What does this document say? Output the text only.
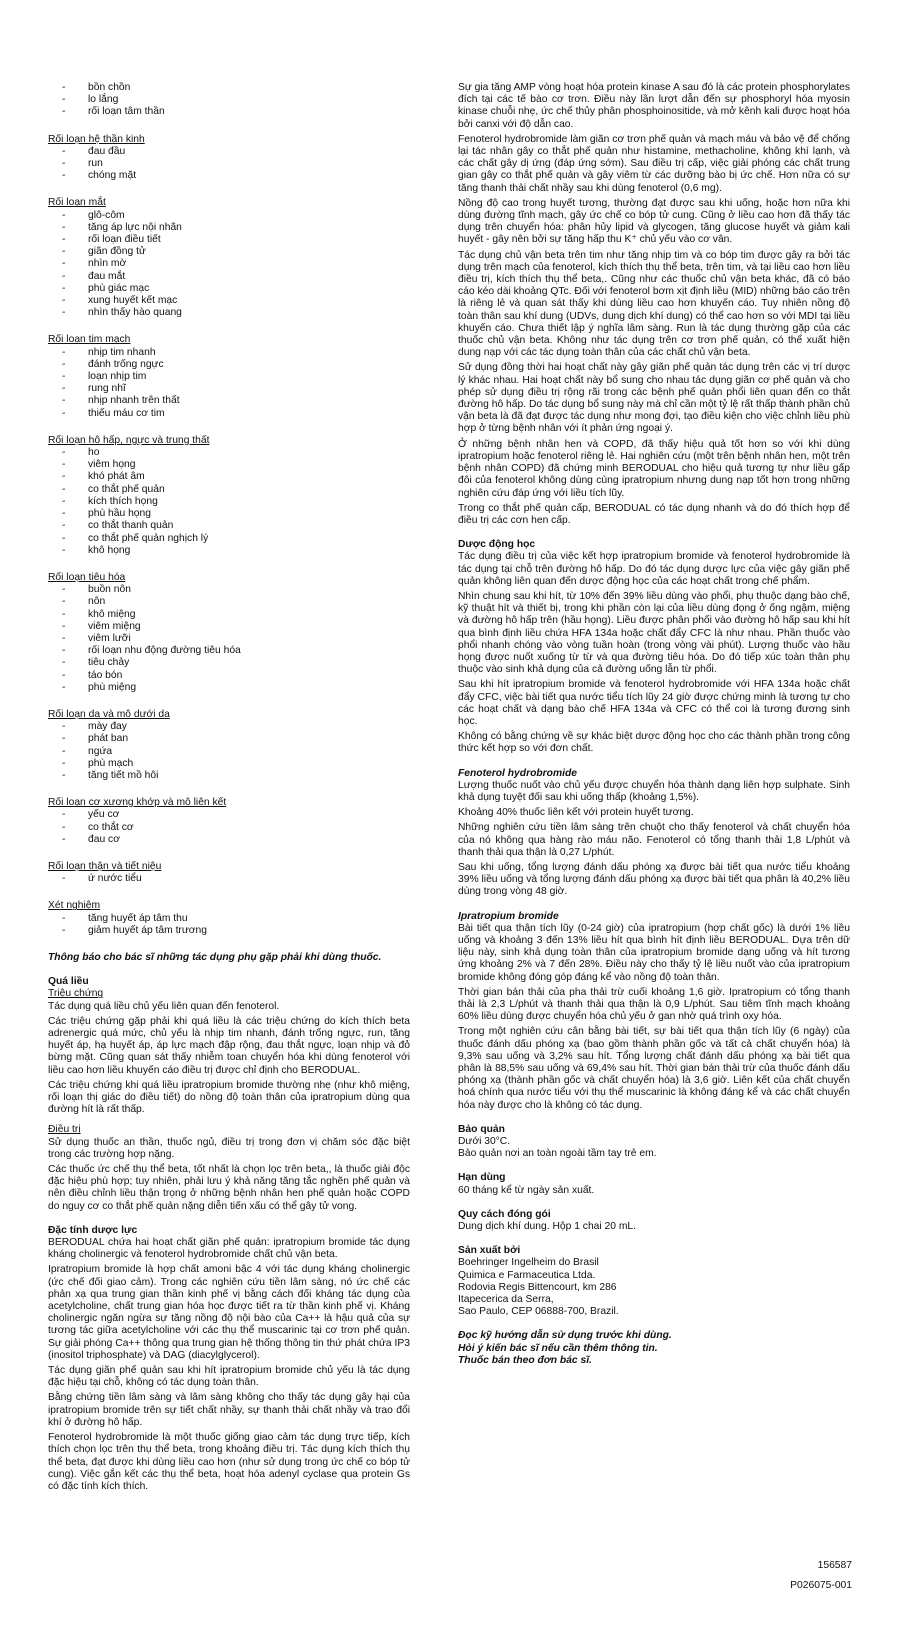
- bồn chồn
- lo lắng
- rối loạn tâm thần
Rối loạn hệ thần kinh
- đau đầu
- run
- chóng mặt
Rối loạn mắt
- glô-côm
- tăng áp lực nội nhãn
- rối loạn điều tiết
- giãn đồng tử
- nhìn mờ
- đau mắt
- phù giác mạc
- xung huyết kết mạc
- nhìn thấy hào quang
Rối loạn tim mạch
- nhịp tim nhanh
- đánh trống ngực
- loạn nhịp tim
- rung nhĩ
- nhịp nhanh trên thất
- thiếu máu cơ tim
Rối loạn hô hấp, ngực và trung thất
- ho
- viêm họng
- khó phát âm
- co thắt phế quản
- kích thích họng
- phù hầu họng
- co thắt thanh quản
- co thắt phế quản nghịch lý
- khô họng
Rối loạn tiêu hóa
- buồn nôn
- nôn
- khô miệng
- viêm miệng
- viêm lưỡi
- rối loạn nhu động đường tiêu hóa
- tiêu chảy
- táo bón
- phù miệng
Rối loạn da và mô dưới da
- mày đay
- phát ban
- ngứa
- phù mạch
- tăng tiết mồ hôi
Rối loạn cơ xương khớp và mô liên kết
- yếu cơ
- co thắt cơ
- đau cơ
Rối loạn thận và tiết niệu
- ứ nước tiểu
Xét nghiệm
- tăng huyết áp tâm thu
- giảm huyết áp tâm trương
Thông báo cho bác sĩ những tác dụng phụ gặp phải khi dùng thuốc.
Quá liều
Triệu chứng

Tác dụng quá liều chủ yếu liên quan đến fenoterol.

Các triệu chứng gặp phải khi quá liều là các triệu chứng do kích thích beta adrenergic quá mức, chủ yếu là nhịp tim nhanh, đánh trống ngực, run, tăng huyết áp, hạ huyết áp, áp lực mạch đập rộng, đau thắt ngực, loạn nhịp và đỏ bừng mặt. Cũng quan sát thấy nhiễm toan chuyển hóa khi dùng fenoterol với liều cao hơn liều khuyến cáo điều trị được chỉ định cho BERODUAL.

Các triệu chứng khi quá liều ipratropium bromide thường nhẹ (như khô miệng, rối loạn thị giác do điều tiết) do nồng độ toàn thân của ipratropium dùng qua đường hít là rất thấp.

Điều trị

Sử dụng thuốc an thần, thuốc ngủ, điều trị trong đơn vị chăm sóc đặc biệt trong các trường hợp nặng.

Các thuốc ức chế thụ thể beta, tốt nhất là chọn lọc trên beta,, là thuốc giải độc đặc hiệu phù hợp; tuy nhiên, phải lưu ý khả năng tăng tắc nghẽn phế quản và nên điều chỉnh liều thận trọng ở những bệnh nhân hen phế quản hoặc COPD do nguy cơ co thắt phế quản nặng diễn tiến xấu có thể gây tử vong.

Đặc tính dược lực

BERODUAL chứa hai hoạt chất giãn phế quản: ipratropium bromide tác dụng kháng cholinergic và fenoterol hydrobromide chất chủ vận beta.

Ipratropium bromide là hợp chất amoni bậc 4 với tác dụng kháng cholinergic (ức chế đối giao cảm). Trong các nghiên cứu tiền lâm sàng, nó ức chế các phản xạ qua trung gian thần kinh phế vị bằng cách đối kháng tác dụng của acetylcholine, chất trung gian hóa học được tiết ra từ thần kinh phế vị. Kháng cholinergic ngăn ngừa sự tăng nồng độ nội bào của Ca++ là hậu quả của sự tương tác giữa acetylcholine với các thụ thể muscarinic tại cơ trơn phế quản. Sự giải phóng Ca++ thông qua trung gian hệ thống thông tin thứ phát chứa IP3 (inositol triphosphate) và DAG (diacylglycerol).

Tác dụng giãn phế quản sau khi hít ipratropium bromide chủ yếu là tác dụng đặc hiệu tại chỗ, không có tác dụng toàn thân.

Bằng chứng tiền lâm sàng và lâm sàng không cho thấy tác dụng gây hại của ipratropium bromide trên sự tiết chất nhầy, sự thanh thải chất nhầy và trao đổi khí ở đường hô hấp.

Fenoterol hydrobromide là một thuốc giống giao cảm tác dụng trực tiếp, kích thích chọn lọc trên thụ thể beta, trong khoảng điều trị. Tác dụng kích thích thụ thể beta, đạt được khi dùng liều cao hơn (như sử dụng trong ức chế co bóp tử cung). Việc gắn kết các thụ thể beta, hoạt hóa adenyl cyclase qua protein Gs có đặc tính kích thích.

Sự gia tăng AMP vòng hoạt hóa protein kinase A sau đó là các protein phosphorylates đích tại các tế bào cơ trơn. Điều này lần lượt dẫn đến sự phosphoryl hóa myosin kinase chuỗi nhẹ, ức chế thủy phân phosphoinositide, và mở kênh kali được hoạt hóa bởi canxi với độ dẫn cao.

Fenoterol hydrobromide làm giãn cơ trơn phế quản và mạch máu và bảo vệ để chống lại tác nhân gây co thắt phế quản như histamine, methacholine, không khí lạnh, và các chất gây dị ứng (đáp ứng sớm). Sau điều trị cấp, việc giải phóng các chất trung gian gây co thắt phế quản và gây viêm từ các dưỡng bào bị ức chế. Hơn nữa có sự tăng thanh thải chất nhầy sau khi dùng fenoterol (0,6 mg).

Nồng độ cao trong huyết tương, thường đạt được sau khi uống, hoặc hơn nữa khi dùng đường tĩnh mạch, gây ức chế co bóp tử cung. Cũng ở liều cao hơn đã thấy tác dụng trên chuyển hóa: phân hủy lipid và glycogen, tăng glucose huyết và giảm kali huyết - gây nên bởi sự tăng hấp thu K⁺ chủ yếu vào cơ vân.

Tác dụng chủ vận beta trên tim như tăng nhịp tim và co bóp tim được gây ra bởi tác dụng trên mạch của fenoterol, kích thích thụ thể beta, trên tim, và tại liều cao hơn liều điều trị, kích thích thụ thể beta,. Cũng như các thuốc chủ vận beta khác, đã có báo cáo kéo dài khoảng QTc. Đối với fenoterol bơm xịt định liều (MID) những báo cáo trên là riêng lẻ và quan sát thấy khi dùng liều cao hơn khuyến cáo. Tuy nhiên nồng độ toàn thân sau khí dung (UDVs, dung dịch khí dung) có thể cao hơn so với MDI tại liều khuyến cáo. Chưa thiết lập ý nghĩa lâm sàng. Run là tác dụng thường gặp của các thuốc chủ vận beta. Không như tác dụng trên cơ trơn phế quản, có thể xuất hiện dung nạp với các tác dụng toàn thân của các chất chủ vận beta.

Sử dụng đồng thời hai hoạt chất này gây giãn phế quản tác dụng trên các vị trí dược lý khác nhau. Hai hoạt chất này bổ sung cho nhau tác dụng giãn cơ phế quản và cho phép sử dụng điều trị rộng rãi trong các bệnh phế quản phổi liên quan đến co thắt đường hô hấp. Do tác dụng bổ sung này mà chỉ cần một tỷ lệ rất thấp thành phần chủ vận beta là đã đạt được tác dụng như mong đợi, tạo điều kiện cho việc chỉnh liều phù hợp ở từng bệnh nhân với ít phản ứng ngoại ý.

Ở những bệnh nhân hen và COPD, đã thấy hiệu quả tốt hơn so với khi dùng ipratropium hoặc fenoterol riêng lẻ. Hai nghiên cứu (một trên bệnh nhân hen, một trên bệnh nhân COPD) đã chứng minh BERODUAL cho hiệu quả tương tự như liều gấp đôi của fenoterol không dùng cùng ipratropium nhưng dung nạp tốt hơn trong những nghiên cứu đáp ứng với liều tích lũy.

Trong co thắt phế quản cấp, BERODUAL có tác dụng nhanh và do đó thích hợp để điều trị các cơn hen cấp.

Dược động học

Tác dụng điều trị của việc kết hợp ipratropium bromide và fenoterol hydrobromide là tác dụng tại chỗ trên đường hô hấp. Do đó tác dụng dược lực của việc gây giãn phế quản không liên quan đến dược động học của các hoạt chất trong chế phẩm.

Nhìn chung sau khi hít, từ 10% đến 39% liều dùng vào phổi, phụ thuộc dạng bào chế, kỹ thuật hít và thiết bị, trong khi phần còn lại của liều dùng đọng ở ống ngậm, miệng và đường hô hấp trên (hầu họng). Liều được phân phối vào đường hô hấp sau khi hít qua bình định liều chứa HFA 134a hoặc chất đẩy CFC là như nhau. Phần thuốc vào phổi nhanh chóng vào vòng tuần hoàn (trong vòng vài phút). Lượng thuốc vào hầu họng được nuốt xuống từ từ và qua đường tiêu hóa. Do đó tiếp xúc toàn thân phụ thuộc vào sinh khả dụng của cả đường uống lẫn từ phổi.

Sau khi hít ipratropium bromide và fenoterol hydrobromide với HFA 134a hoặc chất đẩy CFC, việc bài tiết qua nước tiểu tích lũy 24 giờ được chứng minh là tương tự cho các hoạt chất và dạng bào chế HFA 134a và CFC có thể coi là tương đương sinh học.

Không có bằng chứng về sự khác biệt dược động học cho các thành phần trong công thức kết hợp so với đơn chất.

Fenoterol hydrobromide

Lượng thuốc nuốt vào chủ yếu được chuyển hóa thành dạng liên hợp sulphate. Sinh khả dụng tuyệt đối sau khi uống thấp (khoảng 1,5%).

Khoảng 40% thuốc liên kết với protein huyết tương.

Những nghiên cứu tiền lâm sàng trên chuột cho thấy fenoterol và chất chuyển hóa của nó không qua hàng rào máu não. Fenoterol có tổng thanh thải 1,8 L/phút và thanh thải qua thận là 0,27 L/phút.

Sau khi uống, tổng lượng đánh dấu phóng xạ được bài tiết qua nước tiểu khoảng 39% liều uống và tổng lượng đánh dấu phóng xạ được bài tiết qua phân là 40,2% liều dùng trong vòng 48 giờ.

Ipratropium bromide

Bài tiết qua thận tích lũy (0-24 giờ) của ipratropium (hợp chất gốc) là dưới 1% liều uống và khoảng 3 đến 13% liều hít qua bình hít định liều BERODUAL. Dựa trên dữ liệu này, sinh khả dụng toàn thân của ipratropium bromide dạng uống và hít tương ứng khoảng 2% và 7 đến 28%. Điều này cho thấy tỷ lệ liều nuốt vào của ipratropium bromide không đóng góp đáng kể vào nồng độ toàn thân.

Thời gian bán thải của pha thải trừ cuối khoảng 1,6 giờ. Ipratropium có tổng thanh thải là 2,3 L/phút và thanh thải qua thận là 0,9 L/phút. Sau tiêm tĩnh mạch khoảng 60% liều dùng được chuyển hóa chủ yếu ở gan nhờ quá trình oxy hóa.

Trong một nghiên cứu cân bằng bài tiết, sự bài tiết qua thận tích lũy (6 ngày) của thuốc đánh dấu phóng xạ (bao gồm thành phần gốc và tất cả chất chuyển hóa) là 9,3% sau uống và 3,2% sau hít. Tổng lượng chất đánh dấu phóng xạ bài tiết qua phân là 88,5% sau uống và 69,4% sau hít. Thời gian bán thải trừ của thuốc đánh dấu phóng xạ (thành phần gốc và chất chuyển hóa) là 3,6 giờ. Liên kết của chất chuyển hoá chính qua nước tiểu với thụ thể muscarinic là không đáng kể và các chất chuyển hóa này được cho là không có tác dụng.

Bảo quản
Dưới 30°C.
Bảo quản nơi an toàn ngoài tầm tay trẻ em.
Hạn dùng
60 tháng kể từ ngày sản xuất.
Quy cách đóng gói
Dung dịch khí dung. Hộp 1 chai 20 mL.
Sản xuất bởi
Boehringer Ingelheim do Brasil
Quimica e Farmaceutica Ltda.
Rodovia Regis Bittencourt, km 286
Itapecerica da Serra,
Sao Paulo, CEP 06888-700, Brazil.
Đọc kỹ hướng dẫn sử dụng trước khi dùng.
Hỏi ý kiến bác sĩ nếu cần thêm thông tin.
Thuốc bán theo đơn bác sĩ.
156587
P026075-001
